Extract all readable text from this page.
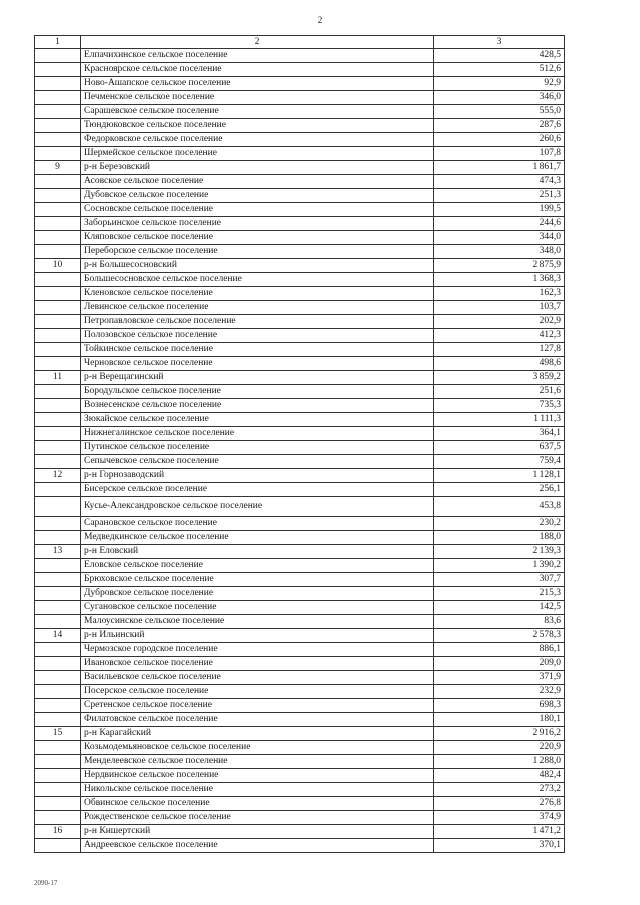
2
1	2	3
	Елпачихинское сельское поселение	428,5
	Краснояpское сельское поселение	512,6
	Ново-Ашапское сельское поселение	92,9
	Печменское сельское поселение	346,0
	Сарашевское сельское поселение	555,0
	Тюндюковское сельское поселение	287,6
	Федорковское сельское поселение	260,6
	Шермейское сельское поселение	107,8
9	р-н Березовский	1 861,7
	Асовское сельское поселение	474,3
	Дубовское сельское поселение	251,3
	Сосновское сельское поселение	199,5
	Заборьинское сельское поселение	244,6
	Кляповское сельское поселение	344,0
	Переборское сельское поселение	348,0
10	р-н Большесосновский	2 875,9
	Большесосновское сельское поселение	1 368,3
	Кленовское сельское поселение	162,3
	Левинское сельское поселение	103,7
	Петропавловское сельское поселение	202,9
	Полозовское сельское поселение	412,3
	Тойкинское сельское поселение	127,8
	Черновское сельское поселение	498,6
11	р-н Верещагинский	3 859,2
	Бородульское сельское поселение	251,6
	Вознесенское сельское поселение	735,3
	Зюкайское сельское поселение	1 111,3
	Нижнегалинское сельское поселение	364,1
	Путинское сельское поселение	637,5
	Сепычевское сельское поселение	759,4
12	р-н Горнозаводский	1 128,1
	Бисерское сельское поселение	256,1
	Кусье-Александровское сельское поселение	453,8
	Сарановское сельское поселение	230,2
	Медведкинское сельское поселение	188,0
13	р-н Еловский	2 139,3
	Еловское сельское поселение	1 390,2
	Брюховское сельское поселение	307,7
	Дубровское сельское поселение	215,3
	Сугановское сельское поселение	142,5
	Малоусинское сельское поселение	83,6
14	р-н Ильинский	2 578,3
	Чермозское городское поселение	886,1
	Ивановское сельское поселение	209,0
	Васильевское сельское поселение	371,9
	Посерское сельское поселение	232,9
	Сретенское сельское поселение	698,3
	Филатовское сельское поселение	180,1
15	р-н Карагайский	2 916,2
	Козьмодемьяновское сельское поселение	220,9
	Менделеевское сельское поселение	1 288,0
	Нердвинское сельское поселение	482,4
	Никольское сельское поселение	273,2
	Обвинское сельское поселение	276,8
	Рождественское сельское поселение	374,9
16	р-н Кишертский	1 471,2
	Андреевское сельское поселение	370,1
2090-17
